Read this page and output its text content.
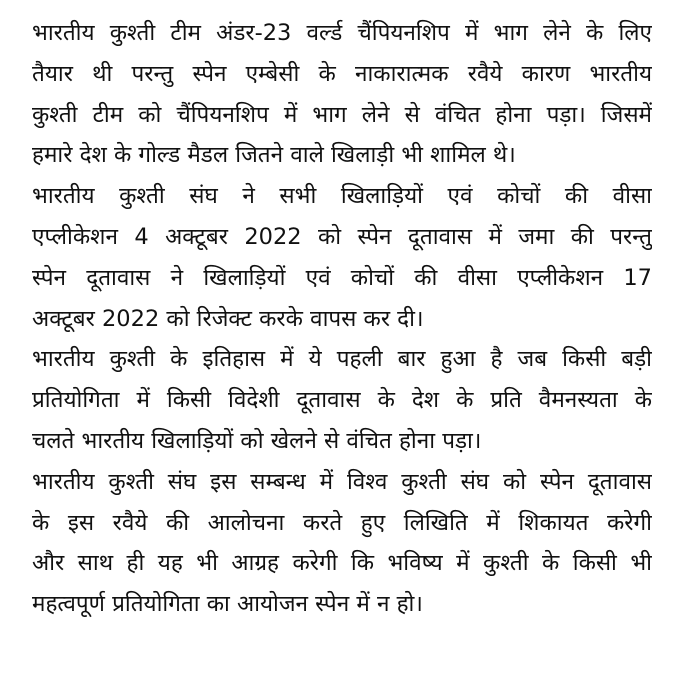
भारतीय कुश्ती टीम अंडर-23 वर्ल्ड चैंपियनशिप में भाग लेने के लिए
तैयार थी परन्तु स्पेन एम्बेसी के नाकारात्मक रवैये कारण भारतीय
कुश्ती टीम को चैंपियनशिप में भाग लेने से वंचित होना पड़ा। जिसमें
हमारे देश के गोल्ड मैडल जितने वाले खिलाड़ी भी शामिल थे।
भारतीय कुश्ती संघ ने सभी खिलाड़ियों एवं कोचों की वीसा
एप्लीकेशन 4 अक्टूबर 2022 को स्पेन दूतावास में जमा की परन्तु
स्पेन दूतावास ने खिलाड़ियों एवं कोचों की वीसा एप्लीकेशन 17
अक्टूबर 2022 को रिजेक्ट करके वापस कर दी।
भारतीय कुश्ती के इतिहास में ये पहली बार हुआ है जब किसी बड़ी
प्रतियोगिता में किसी विदेशी दूतावास के देश के प्रति वैमनस्यता के
चलते भारतीय खिलाड़ियों को खेलने से वंचित होना पड़ा।
भारतीय कुश्ती संघ इस सम्बन्ध में विश्व कुश्ती संघ को स्पेन दूतावास
के इस रवैये की आलोचना करते हुए लिखिति में शिकायत करेगी
और साथ ही यह भी आग्रह करेगी कि भविष्य में कुश्ती के किसी भी
महत्वपूर्ण प्रतियोगिता का आयोजन स्पेन में न हो।
